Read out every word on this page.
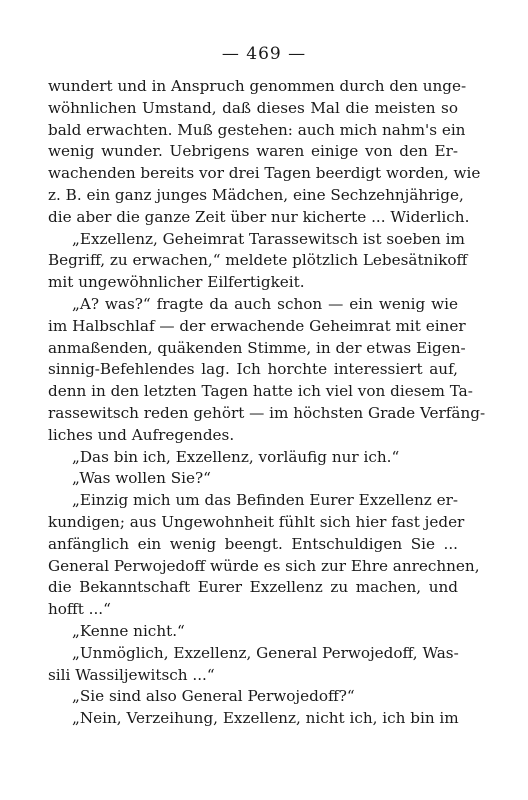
— 469 —
wundert und in Anspruch genommen durch den unge-
wöhnlichen Umstand, daß dieses Mal die meisten so
bald erwachten. Muß gestehen: auch mich nahm's ein
wenig wunder. Uebrigens waren einige von den Er-
wachenden bereits vor drei Tagen beerdigt worden, wie
z. B. ein ganz junges Mädchen, eine Sechzehnjährige,
die aber die ganze Zeit über nur kicherte ... Widerlich.
„Exzellenz, Geheimrat Tarassewitsch ist soeben im
Begriff, zu erwachen,“ meldete plötzlich Lebesätnikoff
mit ungewöhnlicher Eilfertigkeit.
„A? was?“ fragte da auch schon — ein wenig wie
im Halbschlaf — der erwachende Geheimrat mit einer
anmaßenden, quäkenden Stimme, in der etwas Eigen-
sinnig-Befehlendes lag. Ich horchte interessiert auf,
denn in den letzten Tagen hatte ich viel von diesem Ta-
rassewitsch reden gehört — im höchsten Grade Verfäng-
liches und Aufregendes.
„Das bin ich, Exzellenz, vorläufig nur ich.“
„Was wollen Sie?“
„Einzig mich um das Befinden Eurer Exzellenz er-
kundigen; aus Ungewohnheit fühlt sich hier fast jeder
anfänglich ein wenig beengt. Entschuldigen Sie ...
General Perwojedoff würde es sich zur Ehre anrechnen,
die Bekanntschaft Eurer Exzellenz zu machen, und
hofft ...“
„Kenne nicht.“
„Unmöglich, Exzellenz, General Perwojedoff, Was-
sili Wassiljewitsch ...“
„Sie sind also General Perwojedoff?“
„Nein, Verzeihung, Exzellenz, nicht ich, ich bin im
